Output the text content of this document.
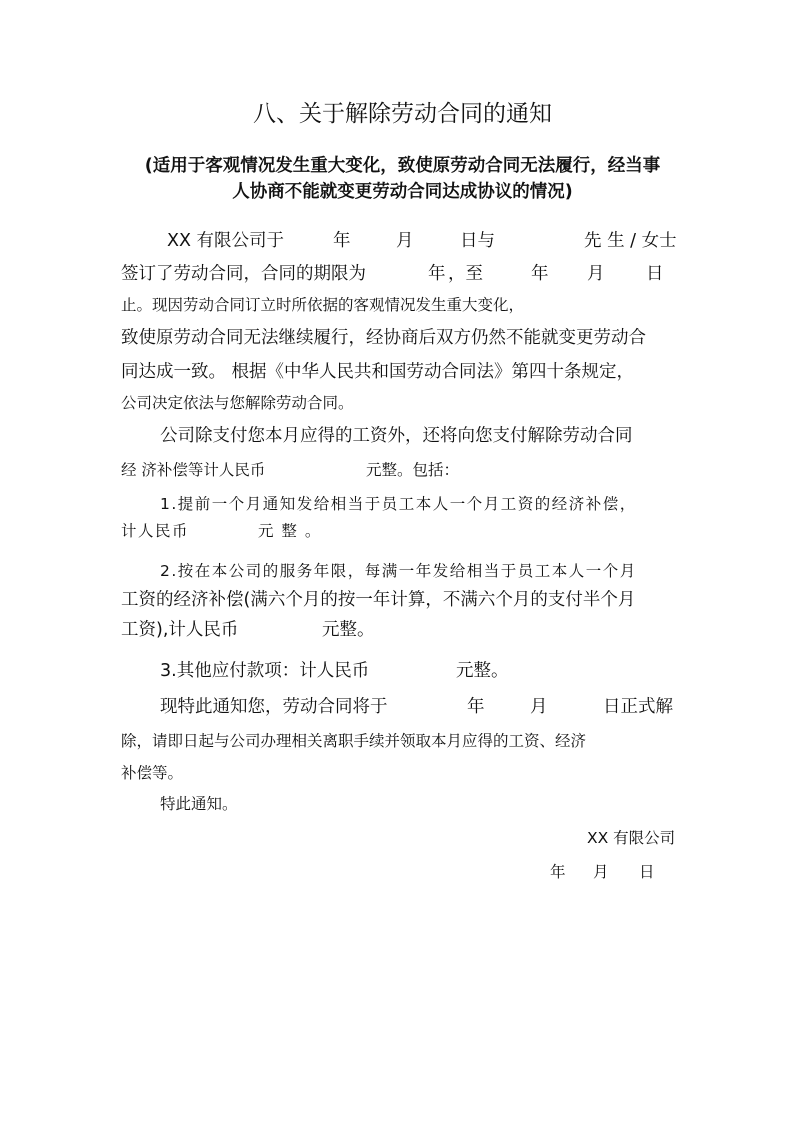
八、关于解除劳动合同的通知
(适用于客观情况发生重大变化，致使原劳动合同无法履行，经当事
人协商不能就变更劳动合同达成协议的情况)
XX 有限公司于	年	月	日与	先 生 / 女士
签订了劳动合同，合同的期限为	年 ，至	年 月 日
止。现因劳动合同订立时所依据的客观情况发生重大变化，
致使原劳动合同无法继续履行，经协商后双方仍然不能就变更劳动合
同达成一致。 根据《中华人民共和国劳动合同法》第四十条规定，
公司决定依法与您解除劳动合同。
公司除支付您本月应得的工资外，还将向您支付解除劳动合同
经 济补偿等计人民币	元整。包括：
1.提前一个月通知发给相当于员工本人一个月工资的经济补偿，
计人民币	元 整 。
2.按在本公司的服务年限，每满一年发给相当于员工本人一个月
工资的经济补偿(满六个月的按一年计算，不满六个月的支付半个月
工资),计人民币	元整。
3.其他应付款项：计人民币	元整。
现特此通知您，劳动合同将于	年	月	日正式解
除，请即日起与公司办理相关离职手续并领取本月应得的工资、经济
补偿等。
特此通知。
XX 有限公司
年 月 日
